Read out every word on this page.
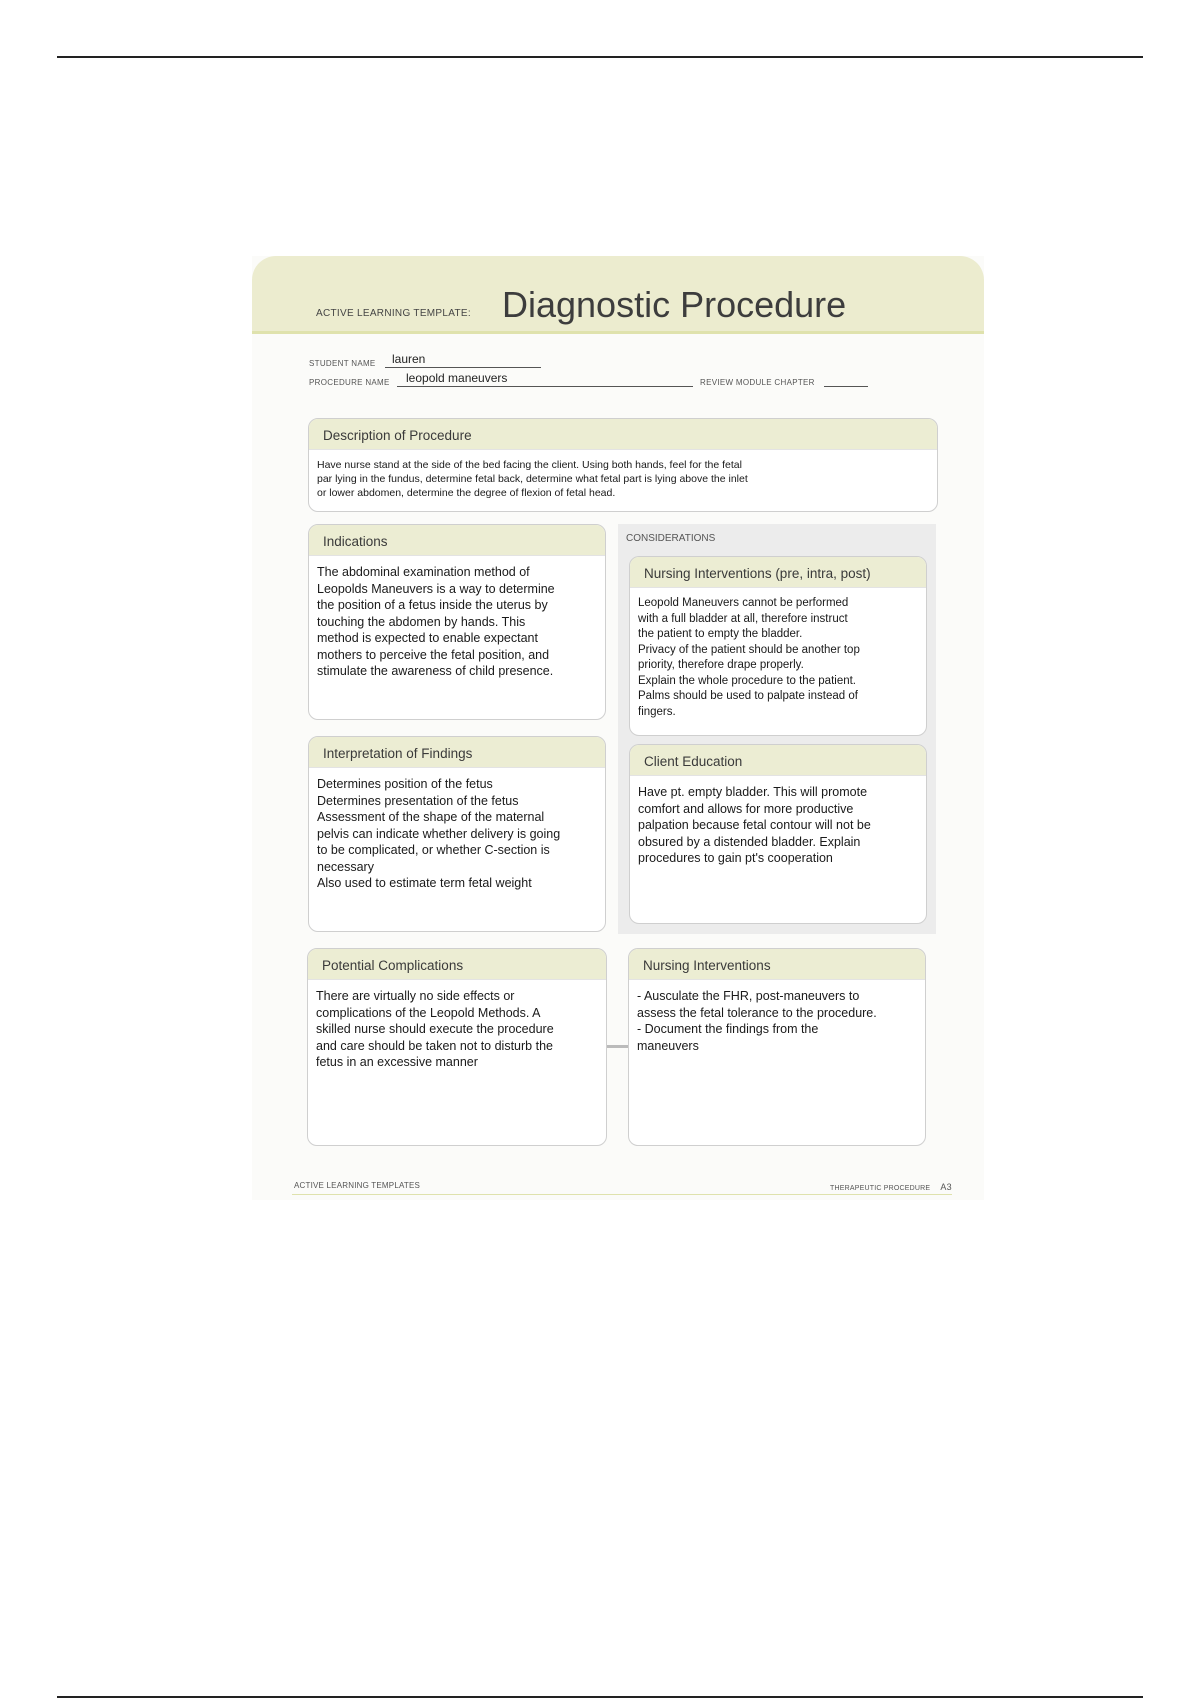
ACTIVE LEARNING TEMPLATE: Diagnostic Procedure
STUDENT NAME lauren
PROCEDURE NAME leopold maneuvers	REVIEW MODULE CHAPTER
Description of Procedure
Have nurse stand at the side of the bed facing the client. Using both hands, feel for the fetal
par lying in the fundus, determine fetal back, determine what fetal part is lying above the inlet
or lower abdomen, determine the degree of flexion of fetal head.
Indications
The abdominal examination method of
Leopolds Maneuvers is a way to determine
the position of a fetus inside the uterus by
touching the abdomen by hands. This
method is expected to enable expectant
mothers to perceive the fetal position, and
stimulate the awareness of child presence.
Interpretation of Findings
Determines position of the fetus
Determines presentation of the fetus
Assessment of the shape of the maternal
pelvis can indicate whether delivery is going
to be complicated, or whether C-section is
necessary
Also used to estimate term fetal weight
CONSIDERATIONS
Nursing Interventions (pre, intra, post)
Leopold Maneuvers cannot be performed
with a full bladder at all, therefore instruct
the patient to empty the bladder.
Privacy of the patient should be another top
priority, therefore drape properly.
Explain the whole procedure to the patient.
Palms should be used to palpate instead of
fingers.
Client Education
Have pt. empty bladder. This will promote
comfort and allows for more productive
palpation because fetal contour will not be
obsured by a distended bladder. Explain
procedures to gain pt's cooperation
Potential Complications
There are virtually no side effects or
complications of the Leopold Methods. A
skilled nurse should execute the procedure
and care should be taken not to disturb the
fetus in an excessive manner
Nursing Interventions
- Ausculate the FHR, post-maneuvers to
assess the fetal tolerance to the procedure.
- Document the findings from the
maneuvers
ACTIVE LEARNING TEMPLATES	THERAPEUTIC PROCEDURE A3
